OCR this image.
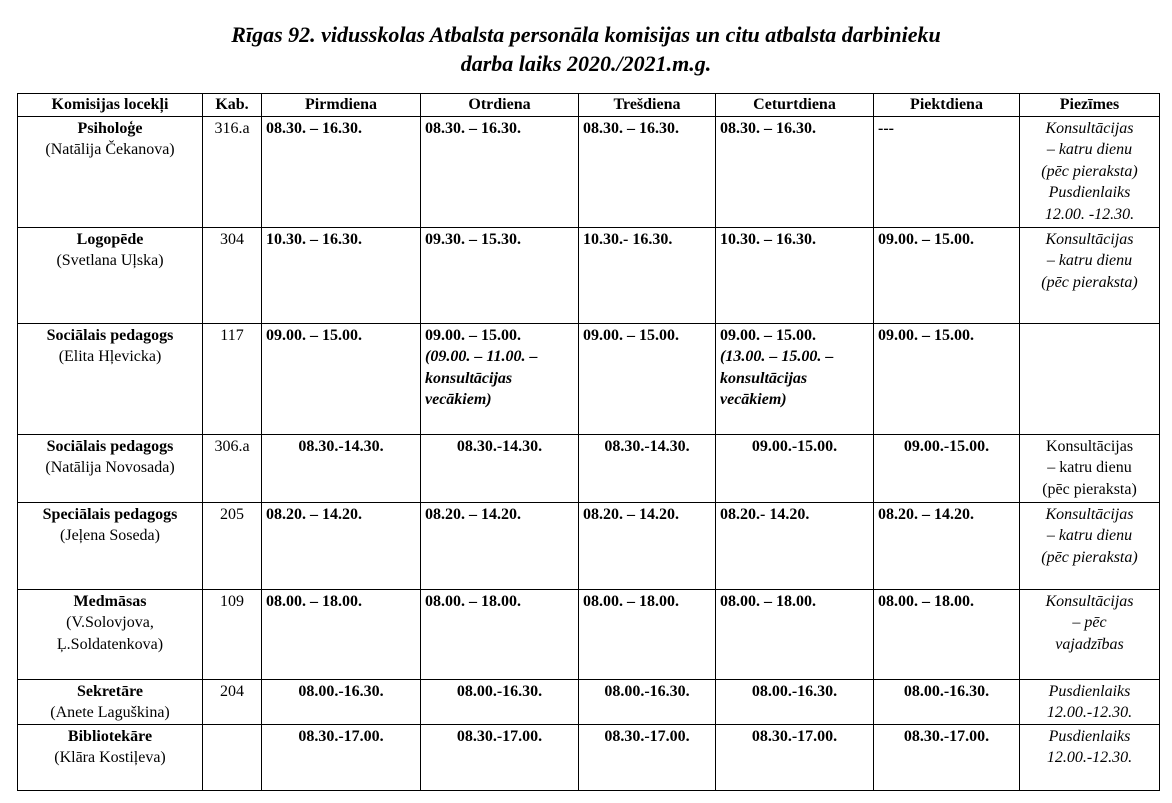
Rīgas 92. vidusskolas Atbalsta personāla komisijas un citu atbalsta darbinieku
darba laiks 2020./2021.m.g.
Komisijas locekļi	Kab.	Pirmdiena	Otrdiena	Trešdiena	Ceturtdiena	Piektdiena	Piezīmes

Psiholoģe
(Natālija Čekanova)	316.a	08.30. – 16.30.	08.30. – 16.30.	08.30. – 16.30.	08.30. – 16.30.	---	Konsultācijas
– katru dienu
(pēc pieraksta)
Pusdienlaiks
12.00. -12.30.

Logopēde
(Svetlana Uļska)	304	10.30. – 16.30.	09.30. – 15.30.	10.30.- 16.30.	10.30. – 16.30.	09.00. – 15.00.	Konsultācijas
– katru dienu
(pēc pieraksta)

Sociālais pedagogs
(Elita Hļevicka)	117	09.00. – 15.00.	09.00. – 15.00.
(09.00. – 11.00. –
konsultācijas
vecākiem)	09.00. – 15.00.	09.00. – 15.00.
(13.00. – 15.00. –
konsultācijas
vecākiem)	09.00. – 15.00.	

Sociālais pedagogs
(Natālija Novosada)	306.a	08.30.-14.30.	08.30.-14.30.	08.30.-14.30.	09.00.-15.00.	09.00.-15.00.	Konsultācijas
– katru dienu
(pēc pieraksta)

Speciālais pedagogs
(Jeļena Soseda)	205	08.20. – 14.20.	08.20. – 14.20.	08.20. – 14.20.	08.20.- 14.20.	08.20. – 14.20.	Konsultācijas
– katru dienu
(pēc pieraksta)

Medmāsas
(V.Solovjova,
Ļ.Soldatenkova)	109	08.00. – 18.00.	08.00. – 18.00.	08.00. – 18.00.	08.00. – 18.00.	08.00. – 18.00.	Konsultācijas
– pēc
vajadzības

Sekretāre
(Anete Laguškina)	204	08.00.-16.30.	08.00.-16.30.	08.00.-16.30.	08.00.-16.30.	08.00.-16.30.	Pusdienlaiks
12.00.-12.30.

Bibliotekāre
(Klāra Kostiļeva)		08.30.-17.00.	08.30.-17.00.	08.30.-17.00.	08.30.-17.00.	08.30.-17.00.	Pusdienlaiks
12.00.-12.30.
